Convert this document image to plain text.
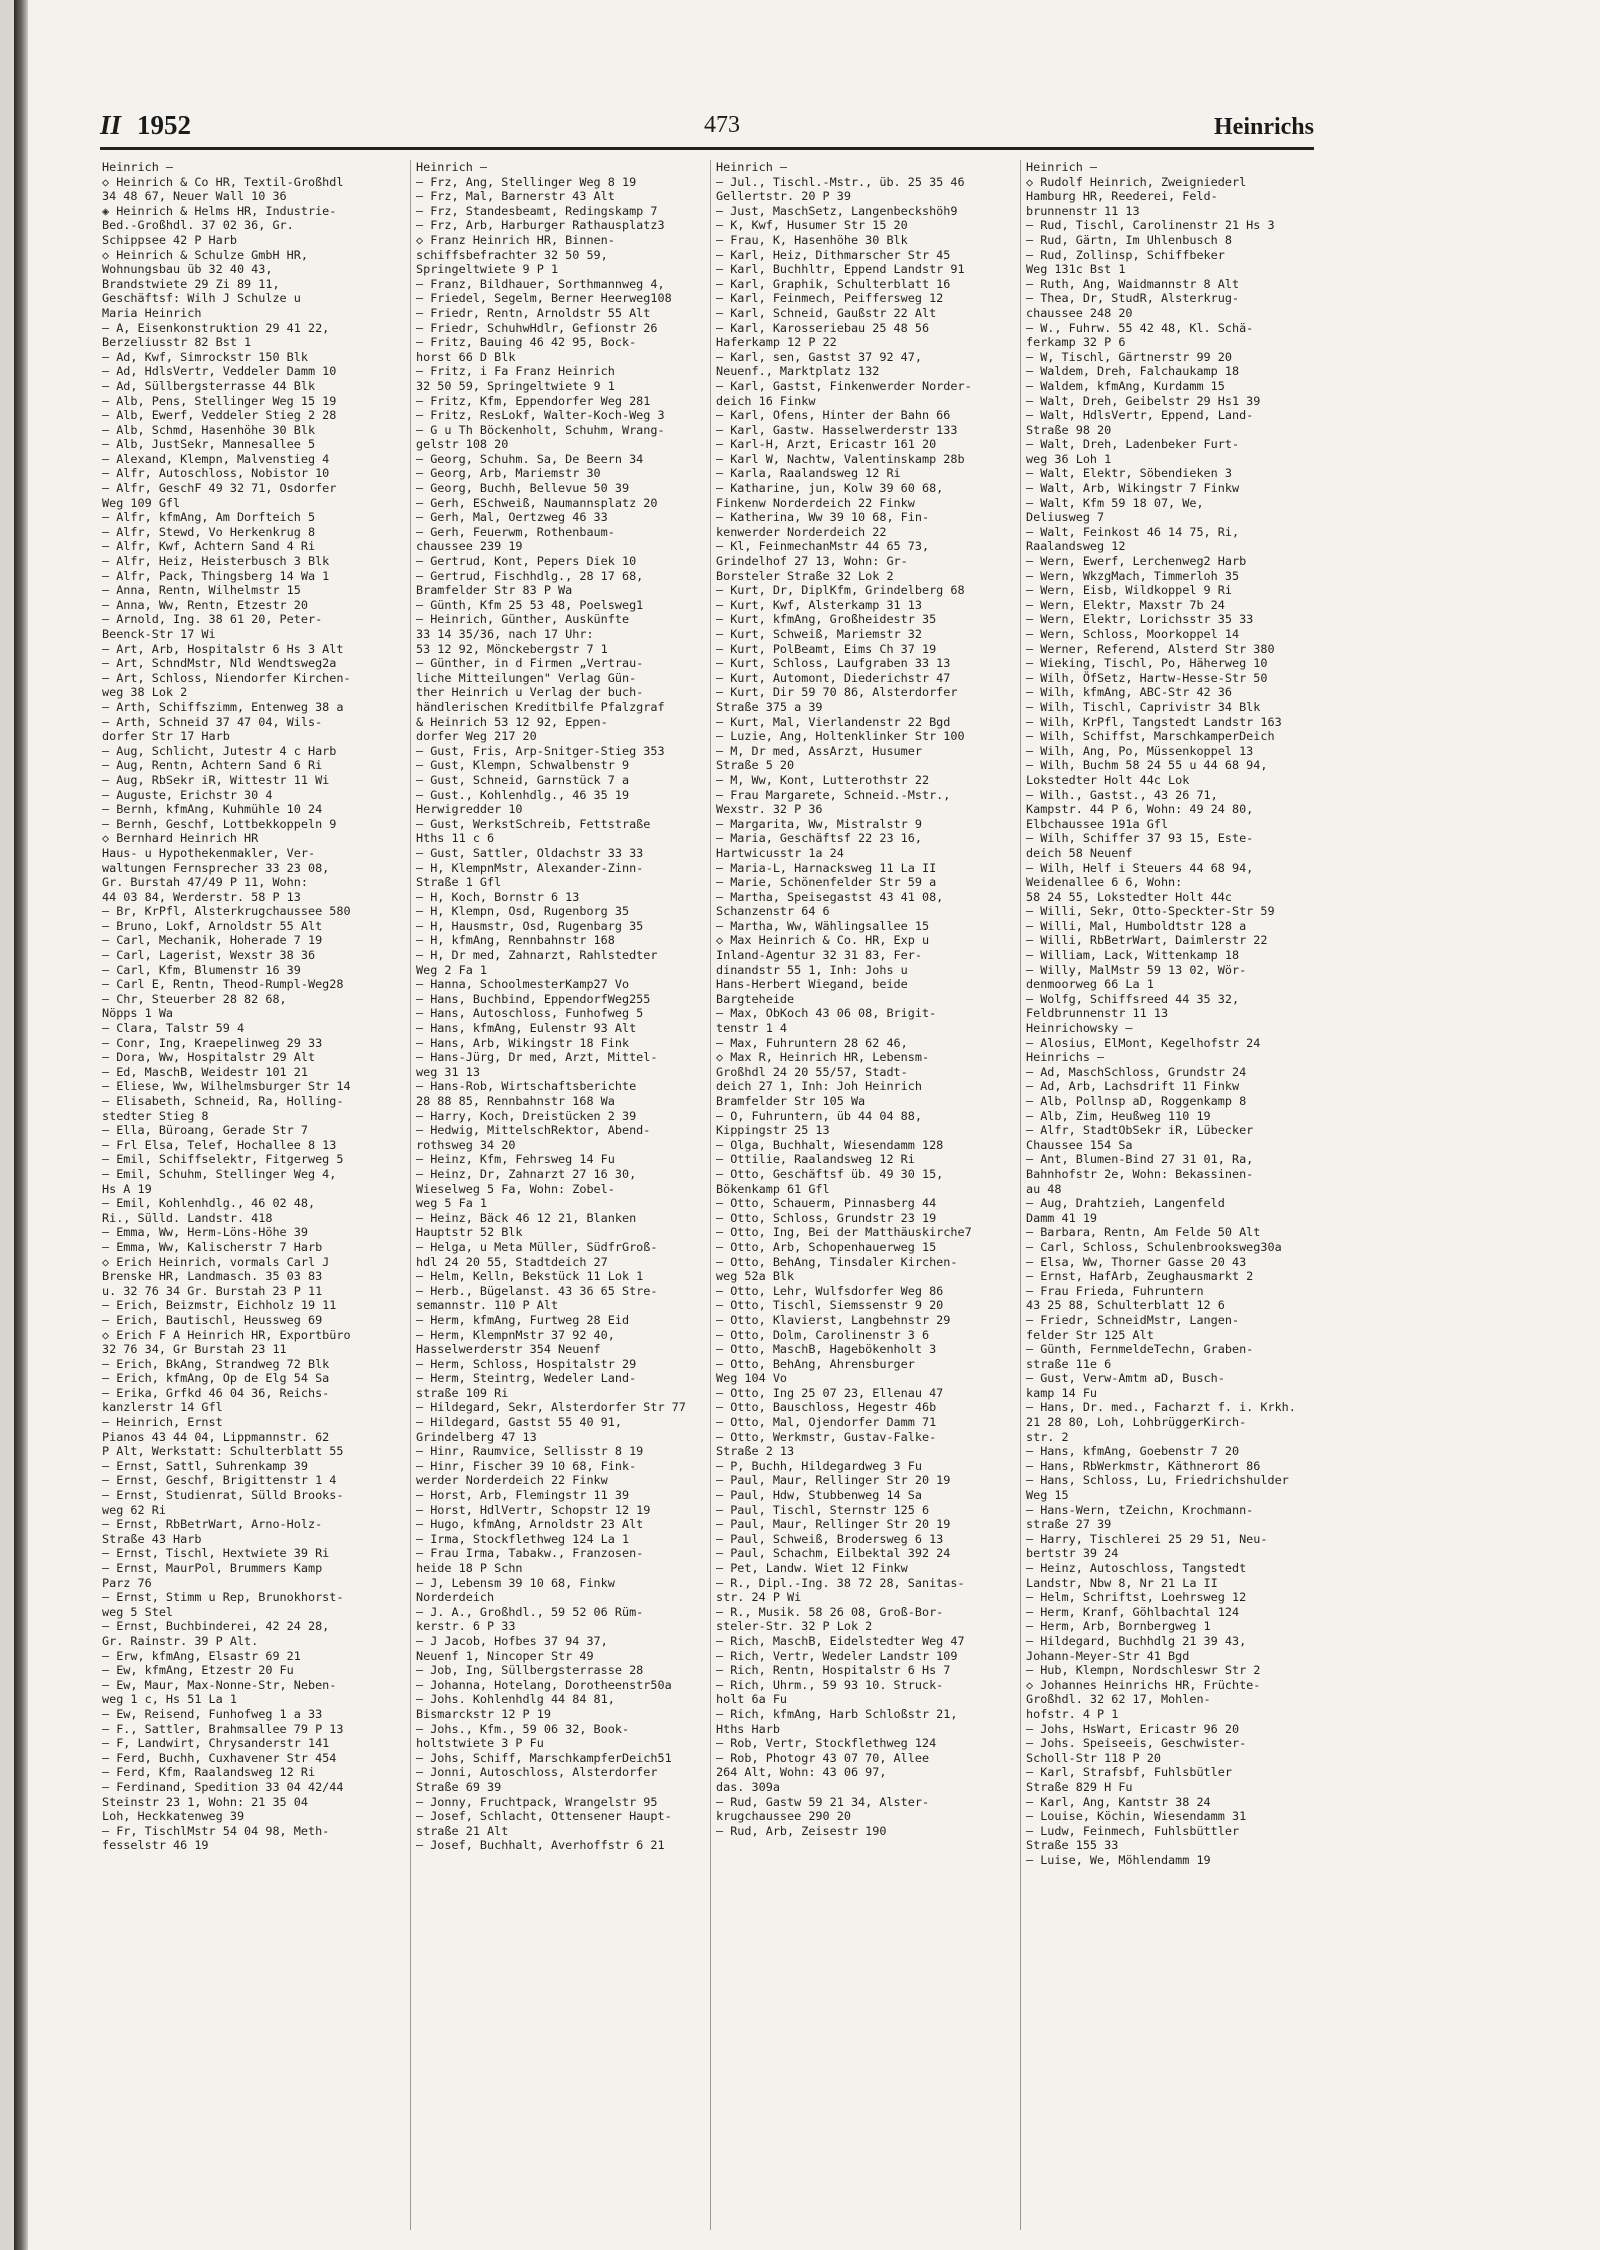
II 1952	473	Heinrichs
Heinrich —
◇ Heinrich & Co HR, Textil-Großhdl
34 48 67, Neuer Wall 10 36
◈ Heinrich & Helms HR, Industrie-
Bed.-Großhdl. 37 02 36, Gr.
Schippsee 42 P Harb
◇ Heinrich & Schulze GmbH HR,
Wohnungsbau üb 32 40 43,
Brandstwiete 29 Zi 89 11,
Geschäftsf: Wilh J Schulze u
Maria Heinrich
— A, Eisenkonstruktion 29 41 22,
Berzeliusstr 82 Bst 1
— Ad, Kwf, Simrockstr 150 Blk
— Ad, HdlsVertr, Veddeler Damm 10
— Ad, Süllbergsterrasse 44 Blk
— Alb, Pens, Stellinger Weg 15 19
— Alb, Ewerf, Veddeler Stieg 2 28
— Alb, Schmd, Hasenhöhe 30 Blk
— Alb, JustSekr, Mannesallee 5
— Alexand, Klempn, Malvenstieg 4
— Alfr, Autoschloss, Nobistor 10
— Alfr, GeschF 49 32 71, Osdorfer
Weg 109 Gfl
— Alfr, kfmAng, Am Dorfteich 5
— Alfr, Stewd, Vo Herkenkrug 8
— Alfr, Kwf, Achtern Sand 4 Ri
— Alfr, Heiz, Heisterbusch 3 Blk
— Alfr, Pack, Thingsberg 14 Wa 1
— Anna, Rentn, Wilhelmstr 15
— Anna, Ww, Rentn, Etzestr 20
— Arnold, Ing. 38 61 20, Peter-
Beenck-Str 17 Wi
— Art, Arb, Hospitalstr 6 Hs 3 Alt
— Art, SchndMstr, Nld Wendtsweg2a
— Art, Schloss, Niendorfer Kirchen-
weg 38 Lok 2
— Arth, Schiffszimm, Entenweg 38 a
— Arth, Schneid 37 47 04, Wils-
dorfer Str 17 Harb
— Aug, Schlicht, Jutestr 4 c Harb
— Aug, Rentn, Achtern Sand 6 Ri
— Aug, RbSekr iR, Wittestr 11 Wi
— Auguste, Erichstr 30 4
— Bernh, kfmAng, Kuhmühle 10 24
— Bernh, Geschf, Lottbekkoppeln 9
◇ Bernhard Heinrich HR
Haus- u Hypothekenmakler, Ver-
waltungen Fernsprecher 33 23 08,
Gr. Burstah 47/49 P 11, Wohn:
44 03 84, Werderstr. 58 P 13
— Br, KrPfl, Alsterkrugchaussee 580
— Bruno, Lokf, Arnoldstr 55 Alt
— Carl, Mechanik, Hoherade 7 19
— Carl, Lagerist, Wexstr 38 36
— Carl, Kfm, Blumenstr 16 39
— Carl E, Rentn, Theod-Rumpl-Weg28
— Chr, Steuerber 28 82 68,
Nöpps 1 Wa
— Clara, Talstr 59 4
— Conr, Ing, Kraepelinweg 29 33
— Dora, Ww, Hospitalstr 29 Alt
— Ed, MaschB, Weidestr 101 21
— Eliese, Ww, Wilhelmsburger Str 14
— Elisabeth, Schneid, Ra, Holling-
stedter Stieg 8
— Ella, Büroang, Gerade Str 7
— Frl Elsa, Telef, Hochallee 8 13
— Emil, Schiffselektr, Fitgerweg 5
— Emil, Schuhm, Stellinger Weg 4,
Hs A 19
— Emil, Kohlenhdlg., 46 02 48,
Ri., Sülld. Landstr. 418
— Emma, Ww, Herm-Löns-Höhe 39
— Emma, Ww, Kalischerstr 7 Harb
◇ Erich Heinrich, vormals Carl J
Brenske HR, Landmasch. 35 03 83
u. 32 76 34 Gr. Burstah 23 P 11
— Erich, Beizmstr, Eichholz 19 11
— Erich, Bautischl, Heussweg 69
◇ Erich F A Heinrich HR, Exportbüro
32 76 34, Gr Burstah 23 11
— Erich, BkAng, Strandweg 72 Blk
— Erich, kfmAng, Op de Elg 54 Sa
— Erika, Grfkd 46 04 36, Reichs-
kanzlerstr 14 Gfl
— Heinrich, Ernst
Pianos 43 44 04, Lippmannstr. 62
P Alt, Werkstatt: Schulterblatt 55
— Ernst, Sattl, Suhrenkamp 39
— Ernst, Geschf, Brigittenstr 1 4
— Ernst, Studienrat, Sülld Brooks-
weg 62 Ri
— Ernst, RbBetrWart, Arno-Holz-
Straße 43 Harb
— Ernst, Tischl, Hextwiete 39 Ri
— Ernst, MaurPol, Brummers Kamp
Parz 76
— Ernst, Stimm u Rep, Brunokhorst-
weg 5 Stel
— Ernst, Buchbinderei, 42 24 28,
Gr. Rainstr. 39 P Alt.
— Erw, kfmAng, Elsastr 69 21
— Ew, kfmAng, Etzestr 20 Fu
— Ew, Maur, Max-Nonne-Str, Neben-
weg 1 c, Hs 51 La 1
— Ew, Reisend, Funhofweg 1 a 33
— F., Sattler, Brahmsallee 79 P 13
— F, Landwirt, Chrysanderstr 141
— Ferd, Buchh, Cuxhavener Str 454
— Ferd, Kfm, Raalandsweg 12 Ri
— Ferdinand, Spedition 33 04 42/44
Steinstr 23 1, Wohn: 21 35 04
Loh, Heckkatenweg 39
— Fr, TischlMstr 54 04 98, Meth-
fesselstr 46 19
Heinrich —
— Frz, Ang, Stellinger Weg 8 19
— Frz, Mal, Barnerstr 43 Alt
— Frz, Standesbeamt, Redingskamp 7
— Frz, Arb, Harburger Rathausplatz3
◇ Franz Heinrich HR, Binnen-
schiffsbefrachter 32 50 59,
Springeltwiete 9 P 1
— Franz, Bildhauer, Sorthmannweg 4,
— Friedel, Segelm, Berner Heerweg108
— Friedr, Rentn, Arnoldstr 55 Alt
— Friedr, SchuhwHdlr, Gefionstr 26
— Fritz, Bauing 46 42 95, Bock-
horst 66 D Blk
— Fritz, i Fa Franz Heinrich
32 50 59, Springeltwiete 9 1
— Fritz, Kfm, Eppendorfer Weg 281
— Fritz, ResLokf, Walter-Koch-Weg 3
— G u Th Böckenholt, Schuhm, Wrang-
gelstr 108 20
— Georg, Schuhm. Sa, De Beern 34
— Georg, Arb, Mariemstr 30
— Georg, Buchh, Bellevue 50 39
— Gerh, ESchweiß, Naumannsplatz 20
— Gerh, Mal, Oertzweg 46 33
— Gerh, Feuerwm, Rothenbaum-
chaussee 239 19
— Gertrud, Kont, Pepers Diek 10
— Gertrud, Fischhdlg., 28 17 68,
Bramfelder Str 83 P Wa
— Günth, Kfm 25 53 48, Poelsweg1
— Heinrich, Günther, Auskünfte
33 14 35/36, nach 17 Uhr:
53 12 92, Mönckebergstr 7 1
— Günther, in d Firmen „Vertrau-
liche Mitteilungen" Verlag Gün-
ther Heinrich u Verlag der buch-
händlerischen Kreditbilfe Pfalzgraf
& Heinrich 53 12 92, Eppen-
dorfer Weg 217 20
— Gust, Fris, Arp-Snitger-Stieg 353
— Gust, Klempn, Schwalbenstr 9
— Gust, Schneid, Garnstück 7 a
— Gust., Kohlenhdlg., 46 35 19
Herwigredder 10
— Gust, WerkstSchreib, Fettstraße
Hths 11 c 6
— Gust, Sattler, Oldachstr 33 33
— H, KlempnMstr, Alexander-Zinn-
Straße 1 Gfl
— H, Koch, Bornstr 6 13
— H, Klempn, Osd, Rugenborg 35
— H, Hausmstr, Osd, Rugenbarg 35
— H, kfmAng, Rennbahnstr 168
— H, Dr med, Zahnarzt, Rahlstedter
Weg 2 Fa 1
— Hanna, SchoolmesterKamp27 Vo
— Hans, Buchbind, EppendorfWeg255
— Hans, Autoschloss, Funhofweg 5
— Hans, kfmAng, Eulenstr 93 Alt
— Hans, Arb, Wikingstr 18 Fink
— Hans-Jürg, Dr med, Arzt, Mittel-
weg 31 13
— Hans-Rob, Wirtschaftsberichte
28 88 85, Rennbahnstr 168 Wa
— Harry, Koch, Dreistücken 2 39
— Hedwig, MittelschRektor, Abend-
rothsweg 34 20
— Heinz, Kfm, Fehrsweg 14 Fu
— Heinz, Dr, Zahnarzt 27 16 30,
Wieselweg 5 Fa, Wohn: Zobel-
weg 5 Fa 1
— Heinz, Bäck 46 12 21, Blanken
Hauptstr 52 Blk
— Helga, u Meta Müller, SüdfrGroß-
hdl 24 20 55, Stadtdeich 27
— Helm, Kelln, Bekstück 11 Lok 1
— Herb., Bügelanst. 43 36 65 Stre-
semannstr. 110 P Alt
— Herm, kfmAng, Furtweg 28 Eid
— Herm, KlempnMstr 37 92 40,
Hasselwerderstr 354 Neuenf
— Herm, Schloss, Hospitalstr 29
— Herm, Steintrg, Wedeler Land-
straße 109 Ri
— Hildegard, Sekr, Alsterdorfer Str 77
— Hildegard, Gastst 55 40 91,
Grindelberg 47 13
— Hinr, Raumvice, Sellisstr 8 19
— Hinr, Fischer 39 10 68, Fink-
werder Norderdeich 22 Finkw
— Horst, Arb, Flemingstr 11 39
— Horst, HdlVertr, Schopstr 12 19
— Hugo, kfmAng, Arnoldstr 23 Alt
— Irma, Stockflethweg 124 La 1
— Frau Irma, Tabakw., Franzosen-
heide 18 P Schn
— J, Lebensm 39 10 68, Finkw
Norderdeich
— J. A., Großhdl., 59 52 06 Rüm-
kerstr. 6 P 33
— J Jacob, Hofbes 37 94 37,
Neuenf 1, Nincoper Str 49
— Job, Ing, Süllbergsterrasse 28
— Johanna, Hotelang, Dorotheenstr50a
— Johs. Kohlenhdlg 44 84 81,
Bismarckstr 12 P 19
— Johs., Kfm., 59 06 32, Book-
holtstwiete 3 P Fu
— Johs, Schiff, MarschkampferDeich51
— Jonni, Autoschloss, Alsterdorfer
Straße 69 39
— Jonny, Fruchtpack, Wrangelstr 95
— Josef, Schlacht, Ottensener Haupt-
straße 21 Alt
— Josef, Buchhalt, Averhoffstr 6 21
Heinrich —
— Jul., Tischl.-Mstr., üb. 25 35 46
Gellertstr. 20 P 39
— Just, MaschSetz, Langenbeckshöh9
— K, Kwf, Husumer Str 15 20
— Frau, K, Hasenhöhe 30 Blk
— Karl, Heiz, Dithmarscher Str 45
— Karl, Buchhltr, Eppend Landstr 91
— Karl, Graphik, Schulterblatt 16
— Karl, Feinmech, Peiffersweg 12
— Karl, Schneid, Gaußstr 22 Alt
— Karl, Karosseriebau 25 48 56
Haferkamp 12 P 22
— Karl, sen, Gastst 37 92 47,
Neuenf., Marktplatz 132
— Karl, Gastst, Finkenwerder Norder-
deich 16 Finkw
— Karl, Ofens, Hinter der Bahn 66
— Karl, Gastw. Hasselwerderstr 133
— Karl-H, Arzt, Ericastr 161 20
— Karl W, Nachtw, Valentinskamp 28b
— Karla, Raalandsweg 12 Ri
— Katharine, jun, Kolw 39 60 68,
Finkenw Norderdeich 22 Finkw
— Katherina, Ww 39 10 68, Fin-
kenwerder Norderdeich 22
— Kl, FeinmechanMstr 44 65 73,
Grindelhof 27 13, Wohn: Gr-
Borsteler Straße 32 Lok 2
— Kurt, Dr, DiplKfm, Grindelberg 68
— Kurt, Kwf, Alsterkamp 31 13
— Kurt, kfmAng, Großheidestr 35
— Kurt, Schweiß, Mariemstr 32
— Kurt, PolBeamt, Eims Ch 37 19
— Kurt, Schloss, Laufgraben 33 13
— Kurt, Automont, Diederichstr 47
— Kurt, Dir 59 70 86, Alsterdorfer
Straße 375 a 39
— Kurt, Mal, Vierlandenstr 22 Bgd
— Luzie, Ang, Holtenklinker Str 100
— M, Dr med, AssArzt, Husumer
Straße 5 20
— M, Ww, Kont, Lutterothstr 22
— Frau Margarete, Schneid.-Mstr.,
Wexstr. 32 P 36
— Margarita, Ww, Mistralstr 9
— Maria, Geschäftsf 22 23 16,
Hartwicusstr 1a 24
— Maria-L, Harnacksweg 11 La II
— Marie, Schönenfelder Str 59 a
— Martha, Speisegastst 43 41 08,
Schanzenstr 64 6
— Martha, Ww, Wählingsallee 15
◇ Max Heinrich & Co. HR, Exp u
Inland-Agentur 32 31 83, Fer-
dinandstr 55 1, Inh: Johs u
Hans-Herbert Wiegand, beide
Bargteheide
— Max, ObKoch 43 06 08, Brigit-
tenstr 1 4
— Max, Fuhruntern 28 62 46,
◇ Max R, Heinrich HR, Lebensm-
Großhdl 24 20 55/57, Stadt-
deich 27 1, Inh: Joh Heinrich
Bramfelder Str 105 Wa
— O, Fuhruntern, üb 44 04 88,
Kippingstr 25 13
— Olga, Buchhalt, Wiesendamm 128
— Ottilie, Raalandsweg 12 Ri
— Otto, Geschäftsf üb. 49 30 15,
Bökenkamp 61 Gfl
— Otto, Schauerm, Pinnasberg 44
— Otto, Schloss, Grundstr 23 19
— Otto, Ing, Bei der Matthäuskirche7
— Otto, Arb, Schopenhauerweg 15
— Otto, BehAng, Tinsdaler Kirchen-
weg 52a Blk
— Otto, Lehr, Wulfsdorfer Weg 86
— Otto, Tischl, Siemssenstr 9 20
— Otto, Klavierst, Langbehnstr 29
— Otto, Dolm, Carolinenstr 3 6
— Otto, MaschB, Hagebökenholt 3
— Otto, BehAng, Ahrensburger
Weg 104 Vo
— Otto, Ing 25 07 23, Ellenau 47
— Otto, Bauschloss, Hegestr 46b
— Otto, Mal, Ojendorfer Damm 71
— Otto, Werkmstr, Gustav-Falke-
Straße 2 13
— P, Buchh, Hildegardweg 3 Fu
— Paul, Maur, Rellinger Str 20 19
— Paul, Hdw, Stubbenweg 14 Sa
— Paul, Tischl, Sternstr 125 6
— Paul, Maur, Rellinger Str 20 19
— Paul, Schweiß, Brodersweg 6 13
— Paul, Schachm, Eilbektal 392 24
— Pet, Landw. Wiet 12 Finkw
— R., Dipl.-Ing. 38 72 28, Sanitas-
str. 24 P Wi
— R., Musik. 58 26 08, Groß-Bor-
steler-Str. 32 P Lok 2
— Rich, MaschB, Eidelstedter Weg 47
— Rich, Vertr, Wedeler Landstr 109
— Rich, Rentn, Hospitalstr 6 Hs 7
— Rich, Uhrm., 59 93 10. Struck-
holt 6a Fu
— Rich, kfmAng, Harb Schloßstr 21,
Hths Harb
— Rob, Vertr, Stockflethweg 124
— Rob, Photogr 43 07 70, Allee
264 Alt, Wohn: 43 06 97,
das. 309a
— Rud, Gastw 59 21 34, Alster-
krugchaussee 290 20
— Rud, Arb, Zeisestr 190
Heinrich —
◇ Rudolf Heinrich, Zweigniederl
Hamburg HR, Reederei, Feld-
brunnenstr 11 13
— Rud, Tischl, Carolinenstr 21 Hs 3
— Rud, Gärtn, Im Uhlenbusch 8
— Rud, Zollinsp, Schiffbeker
Weg 131c Bst 1
— Ruth, Ang, Waidmannstr 8 Alt
— Thea, Dr, StudR, Alsterkrug-
chaussee 248 20
— W., Fuhrw. 55 42 48, Kl. Schä-
ferkamp 32 P 6
— W, Tischl, Gärtnerstr 99 20
— Waldem, Dreh, Falchaukamp 18
— Waldem, kfmAng, Kurdamm 15
— Walt, Dreh, Geibelstr 29 Hs1 39
— Walt, HdlsVertr, Eppend, Land-
Straße 98 20
— Walt, Dreh, Ladenbeker Furt-
weg 36 Loh 1
— Walt, Elektr, Söbendieken 3
— Walt, Arb, Wikingstr 7 Finkw
— Walt, Kfm 59 18 07, We,
Deliusweg 7
— Walt, Feinkost 46 14 75, Ri,
Raalandsweg 12
— Wern, Ewerf, Lerchenweg2 Harb
— Wern, WkzgMach, Timmerloh 35
— Wern, Eisb, Wildkoppel 9 Ri
— Wern, Elektr, Maxstr 7b 24
— Wern, Elektr, Lorichsstr 35 33
— Wern, Schloss, Moorkoppel 14
— Werner, Referend, Alsterd Str 380
— Wieking, Tischl, Po, Häherweg 10
— Wilh, ÖfSetz, Hartw-Hesse-Str 50
— Wilh, kfmAng, ABC-Str 42 36
— Wilh, Tischl, Caprivistr 34 Blk
— Wilh, KrPfl, Tangstedt Landstr 163
— Wilh, Schiffst, MarschkamperDeich
— Wilh, Ang, Po, Müssenkoppel 13
— Wilh, Buchm 58 24 55 u 44 68 94,
Lokstedter Holt 44c Lok
— Wilh., Gastst., 43 26 71,
Kampstr. 44 P 6, Wohn: 49 24 80,
Elbchaussee 191a Gfl
— Wilh, Schiffer 37 93 15, Este-
deich 58 Neuenf
— Wilh, Helf i Steuers 44 68 94,
Weidenallee 6 6, Wohn:
58 24 55, Lokstedter Holt 44c
— Willi, Sekr, Otto-Speckter-Str 59
— Willi, Mal, Humboldtstr 128 a
— Willi, RbBetrWart, Daimlerstr 22
— William, Lack, Wittenkamp 18
— Willy, MalMstr 59 13 02, Wör-
denmoorweg 66 La 1
— Wolfg, Schiffsreed 44 35 32,
Feldbrunnenstr 11 13
Heinrichowsky —
— Alosius, ElMont, Kegelhofstr 24
Heinrichs —
— Ad, MaschSchloss, Grundstr 24
— Ad, Arb, Lachsdrift 11 Finkw
— Alb, Pollnsp aD, Roggenkamp 8
— Alb, Zim, Heußweg 110 19
— Alfr, StadtObSekr iR, Lübecker
Chaussee 154 Sa
— Ant, Blumen-Bind 27 31 01, Ra,
Bahnhofstr 2e, Wohn: Bekassinen-
au 48
— Aug, Drahtzieh, Langenfeld
Damm 41 19
— Barbara, Rentn, Am Felde 50 Alt
— Carl, Schloss, Schulenbrooksweg30a
— Elsa, Ww, Thorner Gasse 20 43
— Ernst, HafArb, Zeughausmarkt 2
— Frau Frieda, Fuhruntern
43 25 88, Schulterblatt 12 6
— Friedr, SchneidMstr, Langen-
felder Str 125 Alt
— Günth, FernmeldeTechn, Graben-
straße 11e 6
— Gust, Verw-Amtm aD, Busch-
kamp 14 Fu
— Hans, Dr. med., Facharzt f. i. Krkh.
21 28 80, Loh, LohbrüggerKirch-
str. 2
— Hans, kfmAng, Goebenstr 7 20
— Hans, RbWerkmstr, Käthnerort 86
— Hans, Schloss, Lu, Friedrichshulder
Weg 15
— Hans-Wern, tZeichn, Krochmann-
straße 27 39
— Harry, Tischlerei 25 29 51, Neu-
bertstr 39 24
— Heinz, Autoschloss, Tangstedt
Landstr, Nbw 8, Nr 21 La II
— Helm, Schriftst, Loehrsweg 12
— Herm, Kranf, Göhlbachtal 124
— Herm, Arb, Bornbergweg 1
— Hildegard, Buchhdlg 21 39 43,
Johann-Meyer-Str 41 Bgd
— Hub, Klempn, Nordschleswr Str 2
◇ Johannes Heinrichs HR, Früchte-
Großhdl. 32 62 17, Mohlen-
hofstr. 4 P 1
— Johs, HsWart, Ericastr 96 20
— Johs. Speiseeis, Geschwister-
Scholl-Str 118 P 20
— Karl, Strafsbf, Fuhlsbütler
Straße 829 H Fu
— Karl, Ang, Kantstr 38 24
— Louise, Köchin, Wiesendamm 31
— Ludw, Feinmech, Fuhlsbüttler
Straße 155 33
— Luise, We, Möhlendamm 19
